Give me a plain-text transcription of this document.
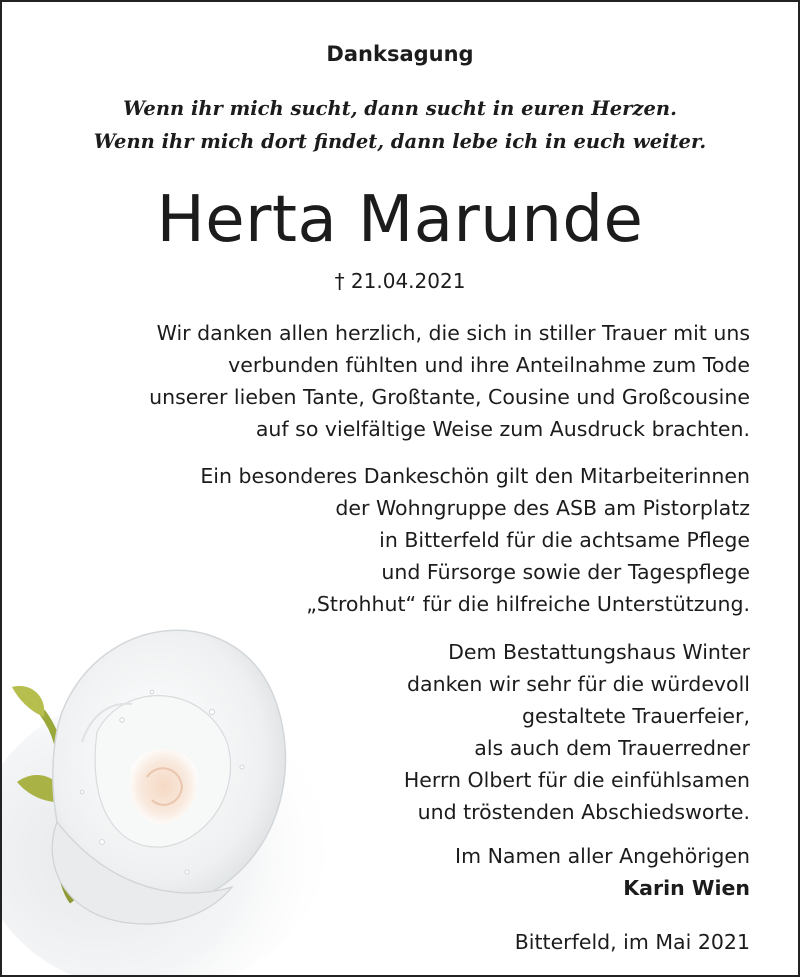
Danksagung
Wenn ihr mich sucht, dann sucht in euren Herzen.
Wenn ihr mich dort findet, dann lebe ich in euch weiter.
Herta Marunde
† 21.04.2021
Wir danken allen herzlich, die sich in stiller Trauer mit uns
verbunden fühlten und ihre Anteilnahme zum Tode
unserer lieben Tante, Großtante, Cousine und Großcousine
auf so vielfältige Weise zum Ausdruck brachten.
Ein besonderes Dankeschön gilt den Mitarbeiterinnen
der Wohngruppe des ASB am Pistorplatz
in Bitterfeld für die achtsame Pflege
und Fürsorge sowie der Tagespflege
„Strohhut“ für die hilfreiche Unterstützung.
Dem Bestattungshaus Winter
danken wir sehr für die würdevoll
gestaltete Trauerfeier,
als auch dem Trauerredner
Herrn Olbert für die einfühlsamen
und tröstenden Abschiedsworte.
Im Namen aller Angehörigen
Karin Wien
Bitterfeld, im Mai 2021
